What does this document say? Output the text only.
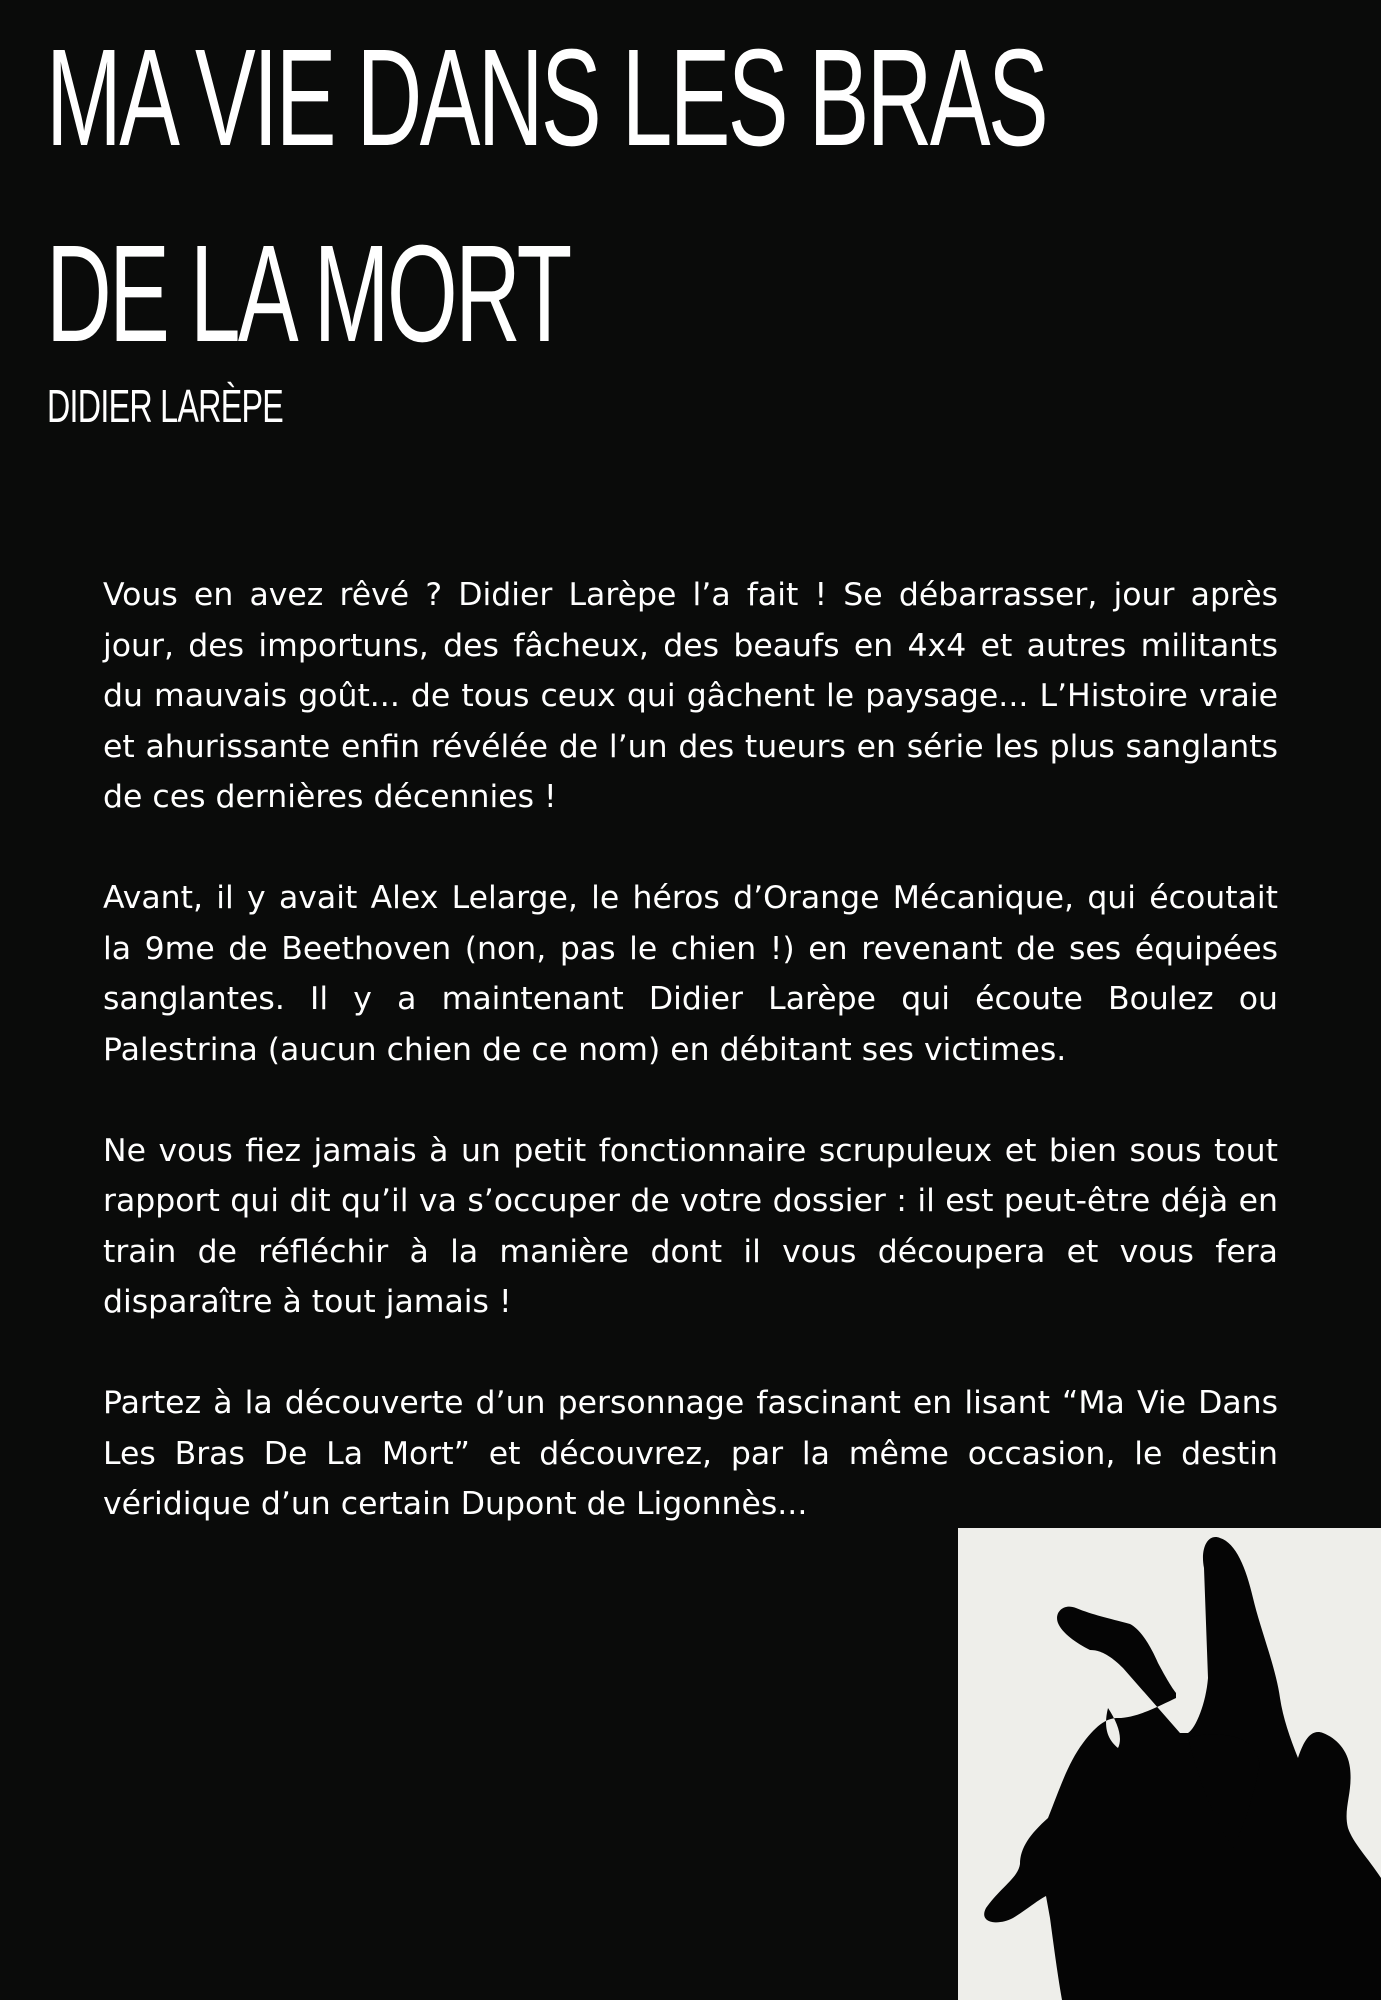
MA VIE DANS LES BRAS
DE LA MORT
DIDIER LARÈPE

Vous en avez rêvé ? Didier Larèpe l’a fait ! Se débarrasser, jour après jour, des importuns, des fâcheux, des beaufs en 4x4 et autres militants du mauvais goût... de tous ceux qui gâchent le paysage... L’Histoire vraie et ahurissante enfin révélée de l’un des tueurs en série les plus sanglants de ces dernières décennies !

Avant, il y avait Alex Lelarge, le héros d’Orange Mécanique, qui écoutait la 9me de Beethoven (non, pas le chien !) en revenant de ses équipées sanglantes. Il y a maintenant Didier Larèpe qui écoute Boulez ou Palestrina (aucun chien de ce nom) en débitant ses victimes.

Ne vous fiez jamais à un petit fonctionnaire scrupuleux et bien sous tout rapport qui dit qu’il va s’occuper de votre dossier : il est peut-être déjà en train de réfléchir à la manière dont il vous découpera et vous fera disparaître à tout jamais !

Partez à la découverte d’un personnage fascinant en lisant “Ma Vie Dans Les Bras De La Mort” et découvrez, par la même occasion, le destin véridique d’un certain Dupont de Ligonnès...
